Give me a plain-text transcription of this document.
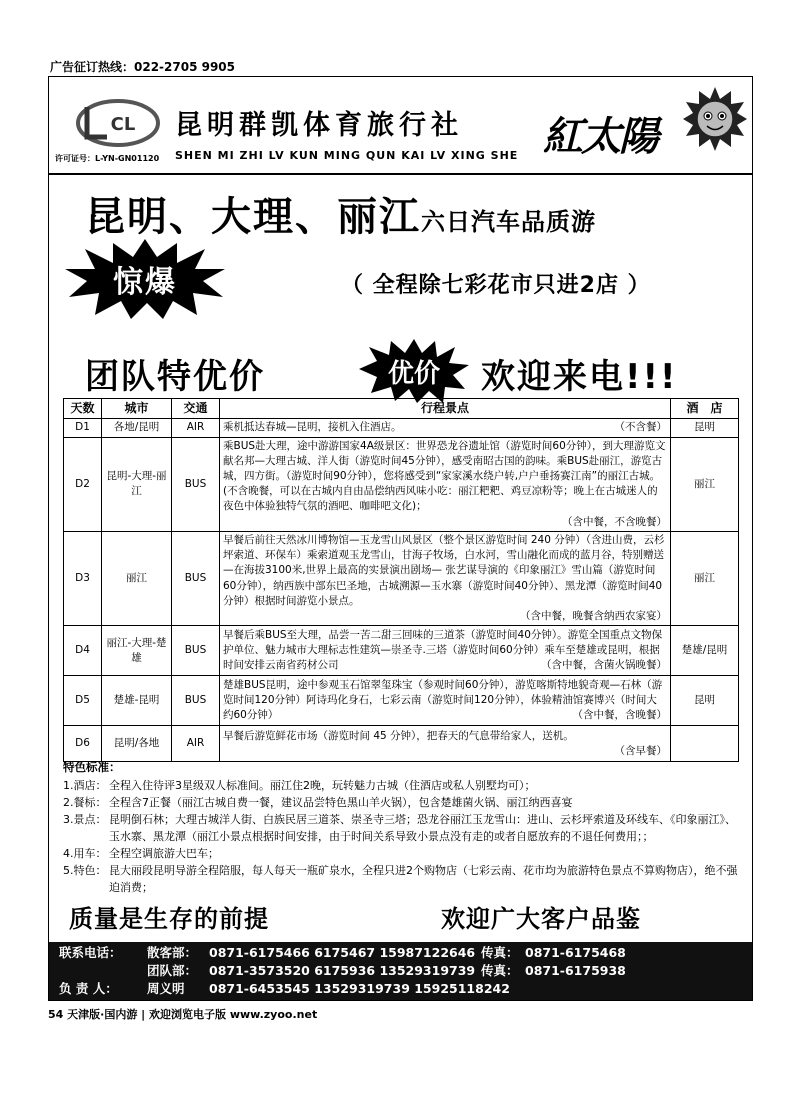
广告征订热线：022-2705 9905
CL
许可证号：L-YN-GN01120
昆明群凯体育旅行社
SHEN MI ZHI LV KUN MING QUN KAI LV XING SHE 紅太陽
昆明、大理、丽江六日汽车品质游
惊爆	（ 全程除七彩花市只进2店 ）
团队特优价	优价	欢迎来电!!!
天数	城市	交通	行程景点	酒　店
D1	各地/昆明	AIR	乘机抵达春城—昆明，接机入住酒店。 （不含餐）	昆明
D2	昆明-大理-丽江	BUS	乘BUS赴大理，途中游游国家4A级景区：世界恐龙谷遗址馆（游览时间60分钟），到大理游览文献名邦—大理古城、洋人街（游览时间45分钟），感受南昭古国的韵味。乘BUS赴丽江，游览古城，四方街。（游览时间90分钟），您将感受到“家家溪水绕户转,户户垂扬赛江南”的丽江古城。(不含晚餐，可以在古城内自由品偿纳西风味小吃：丽江粑粑、鸡豆凉粉等；晚上在古城迷人的夜色中体验独特气氛的酒吧、咖啡吧文化)；
（含中餐，不含晚餐）	丽江
D3	丽江	BUS	早餐后前往天然冰川博物馆—玉龙雪山风景区（整个景区游览时间 240 分钟）（含进山费，云杉坪索道、环保车）乘索道观玉龙雪山，甘海子牧场，白水河，雪山融化而成的蓝月谷，特别赠送—在海拔3100米,世界上最高的实景演出剧场— 张艺谋导演的《印象丽江》雪山篇（游览时间60分钟），纳西族中部东巴圣地，古城溯源—玉水寨（游览时间40分钟）、黑龙潭（游览时间40分钟）根据时间游览小景点。
（含中餐，晚餐含纳西农家宴）	丽江
D4	丽江-大理-楚雄	BUS	早餐后乘BUS至大理，品尝一苦二甜三回味的三道茶（游览时间40分钟）。游览全国重点文物保护单位、魅力城市大理标志性建筑—崇圣寺.三塔（游览时间60分钟）乘车至楚雄或昆明，根据时间安排云南省药材公司 （含中餐，含菌火锅晚餐）	楚雄/昆明
D5	楚雄-昆明	BUS	楚雄BUS昆明，途中参观玉石馆翠玺珠宝（参观时间60分钟），游览喀斯特地貌奇观—石林（游览时间120分钟）阿诗玛化身石，七彩云南（游览时间120分钟），体验精油馆赛博兴（时间大约60分钟） （含中餐，含晚餐）	昆明
D6	昆明/各地	AIR	早餐后游览鲜花市场（游览时间 45 分钟），把春天的气息带给家人，送机。
（含早餐）	

特色标准：
1.酒店： 全程入住待评3星级双人标准间。丽江住2晚，玩转魅力古城（住酒店或私人别墅均可）；
2.餐标： 全程含7正餐（丽江古城自费一餐，建议品尝特色黑山羊火锅），包含楚雄菌火锅、丽江纳西喜宴
3.景点： 昆明倒石林；大理古城洋人街、白族民居三道茶、崇圣寺三塔；恐龙谷丽江玉龙雪山：进山、云杉坪索道及环线车、《印象丽江》、玉水寨、黑龙潭（丽江小景点根据时间安排，由于时间关系导致小景点没有走的或者自愿放弃的不退任何费用；；
4.用车： 全程空调旅游大巴车；
5.特色： 昆大丽段昆明导游全程陪服，每人每天一瓶矿泉水，全程只进2个购物店（七彩云南、花市均为旅游特色景点不算购物店），绝不强迫消费；
质量是生存的前提	欢迎广大客户品鉴
联系电话：	散客部： 0871-6175466 6175467 15987122646 传真： 0871-6175468
团队部： 0871-3573520 6175936 13529319739 传真： 0871-6175938
负 责 人：	周义明	0871-6453545 13529319739 15925118242
54 天津版·国内游 | 欢迎浏览电子版 www.zyoo.net
